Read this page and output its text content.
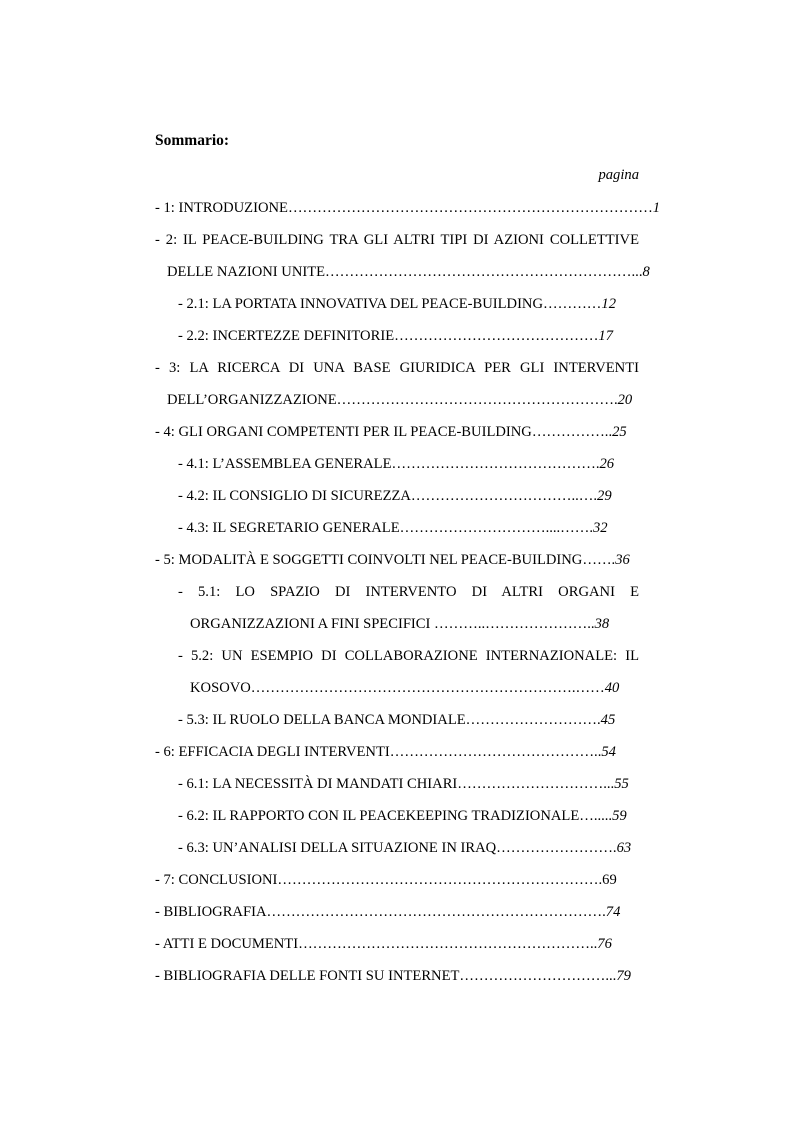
Sommario:
pagina
- 1: INTRODUZIONE…………………………………………………………………1
- 2: IL PEACE-BUILDING TRA GLI ALTRI TIPI DI AZIONI COLLETTIVE
DELLE NAZIONI UNITE………………………………………………………...8
- 2.1: LA PORTATA INNOVATIVA DEL PEACE-BUILDING…………12
- 2.2: INCERTEZZE DEFINITORIE……………………………………17
- 3: LA RICERCA DI UNA BASE GIURIDICA PER GLI INTERVENTI
DELL’ORGANIZZAZIONE………………………………………………….20
- 4: GLI ORGANI COMPETENTI PER IL PEACE-BUILDING……………..25
- 4.1: L’ASSEMBLEA GENERALE…………………………………….26
- 4.2: IL CONSIGLIO DI SICUREZZA……………………………..….29
- 4.3: IL SEGRETARIO GENERALE…………………………....…….32
- 5: MODALITÀ E SOGGETTI COINVOLTI NEL PEACE-BUILDING…….36
- 5.1: LO SPAZIO DI INTERVENTO DI ALTRI ORGANI E
ORGANIZZAZIONI A FINI SPECIFICI ………..…………………..38
- 5.2: UN ESEMPIO DI COLLABORAZIONE INTERNAZIONALE: IL
KOSOVO………………………………………………………….……40
- 5.3: IL RUOLO DELLA BANCA MONDIALE……………………….45
- 6: EFFICACIA DEGLI INTERVENTI……………………………………..54
- 6.1: LA NECESSITÀ DI MANDATI CHIARI…………………………...55
- 6.2: IL RAPPORTO CON IL PEACEKEEPING TRADIZIONALE….....59
- 6.3: UN’ANALISI DELLA SITUAZIONE IN IRAQ…………………….63
- 7: CONCLUSIONI………………………………………………………….69
- BIBLIOGRAFIA…………………………………………………………….74
- ATTI E DOCUMENTI……………………………………………………..76
- BIBLIOGRAFIA DELLE FONTI SU INTERNET…………………………...79
